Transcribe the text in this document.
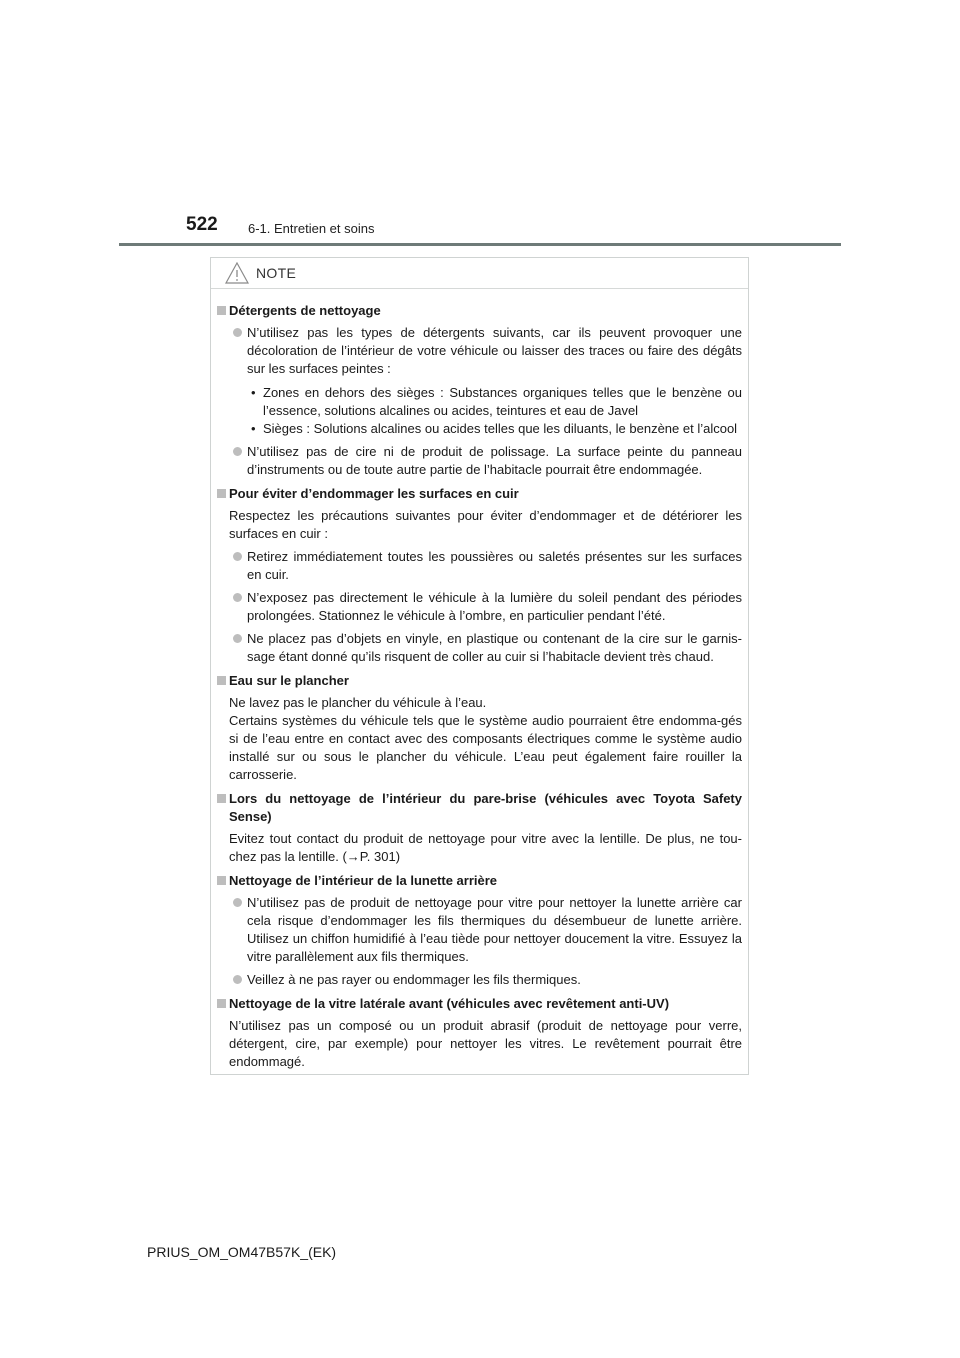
522 6-1. Entretien et soins
NOTE
Détergents de nettoyage
N’utilisez pas les types de détergents suivants, car ils peuvent provoquer une décoloration de l’intérieur de votre véhicule ou laisser des traces ou faire des dégâts sur les surfaces peintes :
• Zones en dehors des sièges : Substances organiques telles que le benzène ou l’essence, solutions alcalines ou acides, teintures et eau de Javel
• Sièges : Solutions alcalines ou acides telles que les diluants, le benzène et l’alcool
N’utilisez pas de cire ni de produit de polissage. La surface peinte du panneau d’instruments ou de toute autre partie de l’habitacle pourrait être endommagée.
Pour éviter d’endommager les surfaces en cuir
Respectez les précautions suivantes pour éviter d’endommager et de détériorer les surfaces en cuir :
Retirez immédiatement toutes les poussières ou saletés présentes sur les surfaces en cuir.
N’exposez pas directement le véhicule à la lumière du soleil pendant des périodes prolongées. Stationnez le véhicule à l’ombre, en particulier pendant l’été.
Ne placez pas d’objets en vinyle, en plastique ou contenant de la cire sur le garnis-sage étant donné qu’ils risquent de coller au cuir si l’habitacle devient très chaud.
Eau sur le plancher
Ne lavez pas le plancher du véhicule à l’eau.
Certains systèmes du véhicule tels que le système audio pourraient être endomma-gés si de l’eau entre en contact avec des composants électriques comme le système audio installé sur ou sous le plancher du véhicule. L’eau peut également faire rouiller la carrosserie.
Lors du nettoyage de l’intérieur du pare-brise (véhicules avec Toyota Safety Sense)
Evitez tout contact du produit de nettoyage pour vitre avec la lentille. De plus, ne tou-chez pas la lentille. (→P. 301)
Nettoyage de l’intérieur de la lunette arrière
N’utilisez pas de produit de nettoyage pour vitre pour nettoyer la lunette arrière car cela risque d’endommager les fils thermiques du désembueur de lunette arrière. Utilisez un chiffon humidifié à l’eau tiède pour nettoyer doucement la vitre. Essuyez la vitre parallèlement aux fils thermiques.
Veillez à ne pas rayer ou endommager les fils thermiques.
Nettoyage de la vitre latérale avant (véhicules avec revêtement anti-UV)
N’utilisez pas un composé ou un produit abrasif (produit de nettoyage pour verre, détergent, cire, par exemple) pour nettoyer les vitres. Le revêtement pourrait être endommagé.
PRIUS_OM_OM47B57K_(EK)
